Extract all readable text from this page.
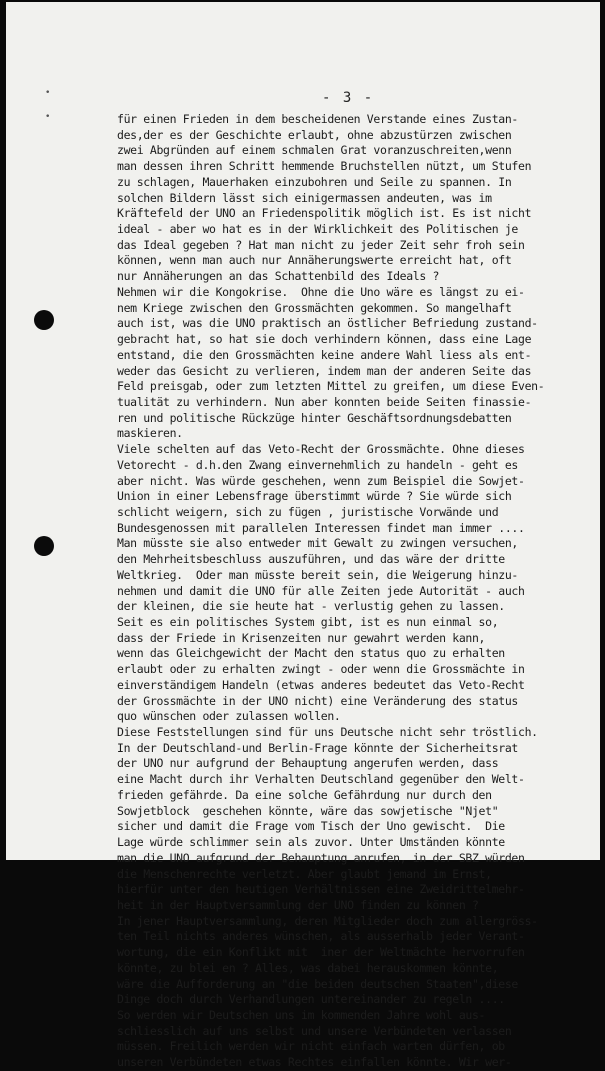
- 3 -
•
•	für einen Frieden in dem bescheidenen Verstande eines Zustan-
des,der es der Geschichte erlaubt, ohne abzustürzen zwischen
zwei Abgründen auf einem schmalen Grat voranzuschreiten,wenn
man dessen ihren Schritt hemmende Bruchstellen nützt, um Stufen
zu schlagen, Mauerhaken einzubohren und Seile zu spannen. In
solchen Bildern lässt sich einigermassen andeuten, was im
Kräftefeld der UNO an Friedenspolitik möglich ist. Es ist nicht
ideal - aber wo hat es in der Wirklichkeit des Politischen je
das Ideal gegeben ? Hat man nicht zu jeder Zeit sehr froh sein
können, wenn man auch nur Annäherungswerte erreicht hat, oft
nur Annäherungen an das Schattenbild des Ideals ?
Nehmen wir die Kongokrise.  Ohne die Uno wäre es längst zu ei-
nem Kriege zwischen den Grossmächten gekommen. So mangelhaft
auch ist, was die UNO praktisch an östlicher Befriedung zustand-
gebracht hat, so hat sie doch verhindern können, dass eine Lage
entstand, die den Grossmächten keine andere Wahl liess als ent-
weder das Gesicht zu verlieren, indem man der anderen Seite das
Feld preisgab, oder zum letzten Mittel zu greifen, um diese Even-
tualität zu verhindern. Nun aber konnten beide Seiten finassie-
ren und politische Rückzüge hinter Geschäftsordnungsdebatten
maskieren.
Viele schelten auf das Veto-Recht der Grossmächte. Ohne dieses
Vetorecht - d.h.den Zwang einvernehmlich zu handeln - geht es
aber nicht. Was würde geschehen, wenn zum Beispiel die Sowjet-
Union in einer Lebensfrage überstimmt würde ? Sie würde sich
schlicht weigern, sich zu fügen , juristische Vorwände und
Bundesgenossen mit parallelen Interessen findet man immer ....
Man müsste sie also entweder mit Gewalt zu zwingen versuchen,
den Mehrheitsbeschluss auszuführen, und das wäre der dritte
Weltkrieg.  Oder man müsste bereit sein, die Weigerung hinzu-
nehmen und damit die UNO für alle Zeiten jede Autorität - auch
der kleinen, die sie heute hat - verlustig gehen zu lassen.
Seit es ein politisches System gibt, ist es nun einmal so,
dass der Friede in Krisenzeiten nur gewahrt werden kann,
wenn das Gleichgewicht der Macht den status quo zu erhalten
erlaubt oder zu erhalten zwingt - oder wenn die Grossmächte in
einverständigem Handeln (etwas anderes bedeutet das Veto-Recht
der Grossmächte in der UNO nicht) eine Veränderung des status
quo wünschen oder zulassen wollen.
Diese Feststellungen sind für uns Deutsche nicht sehr tröstlich.
In der Deutschland-und Berlin-Frage könnte der Sicherheitsrat
der UNO nur aufgrund der Behauptung angerufen werden, dass
eine Macht durch ihr Verhalten Deutschland gegenüber den Welt-
frieden gefährde. Da eine solche Gefährdung nur durch den
Sowjetblock  geschehen könnte, wäre das sowjetische "Njet"
sicher und damit die Frage vom Tisch der Uno gewischt.  Die
Lage würde schlimmer sein als zuvor. Unter Umständen könnte
man die UNO aufgrund der Behauptung anrufen, in der SBZ würden
die Menschenrechte verletzt. Aber glaubt jemand im Ernst,
hierfür unter den heutigen Verhältnissen eine Zweidrittelmehr-
heit in der Hauptversammlung der UNO finden zu können ?
In jener Hauptversammlung, deren Mitglieder doch zum allergröss-
ten Teil nichts anderes wünschen, als ausserhalb jeder Verant-
wortung, die ein Konflikt mit  iner der Weltmächte hervorrufen
könnte, zu blei en ? Alles, was dabei herauskommen könnte,
wäre die Aufforderung an "die beiden deutschen Staaten",diese
Dinge doch durch Verhandlungen untereinander zu regeln ....
So werden wir Deutschen uns im kommenden Jahre wohl aus-
schliesslich auf uns selbst und unsere Verbündeten verlassen
müssen. Freilich werden wir nicht einfach warten dürfen, ob
unseren Verbündeten etwas Rechtes einfallen könnte. Wir wer-
